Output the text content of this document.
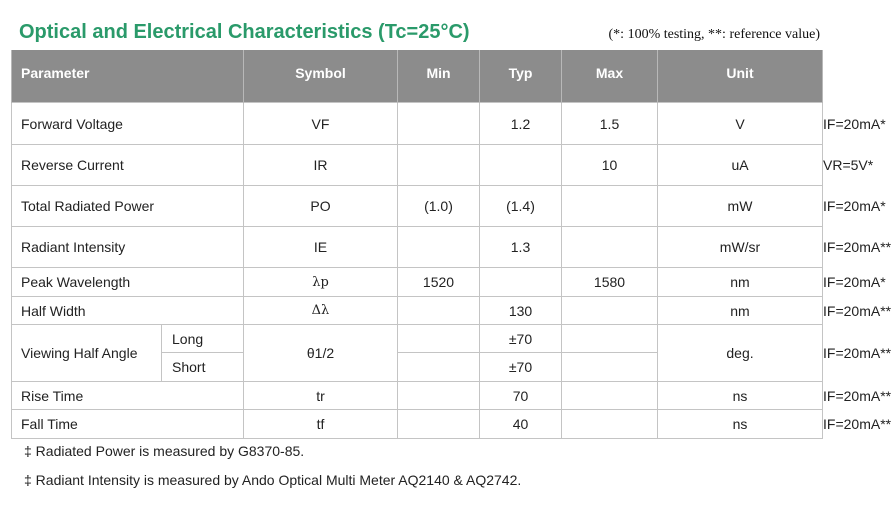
Optical and Electrical Characteristics (Tc=25°C)	(*: 100% testing, **: reference value)
Parameter		Symbol	Min	Typ	Max	Unit	Test Condition
Forward Voltage		VF		1.2	1.5	V	IF=20mA*
Reverse Current		IR			10	uA	VR=5V*
Total Radiated Power		PO	(1.0)	(1.4)		mW	IF=20mA*
Radiant Intensity		IE		1.3		mW/sr	IF=20mA**
Peak Wavelength		λp	1520		1580	nm	IF=20mA*
Half Width		Δλ		130		nm	IF=20mA**
Viewing Half Angle	Long	θ1/2		±70		deg.	IF=20mA**
	Short			±70			
Rise Time		tr		70		ns	IF=20mA**
Fall Time		tf		40		ns	IF=20mA**
‡ Radiated Power is measured by G8370-85.
‡ Radiant Intensity is measured by Ando Optical Multi Meter AQ2140 & AQ2742.
